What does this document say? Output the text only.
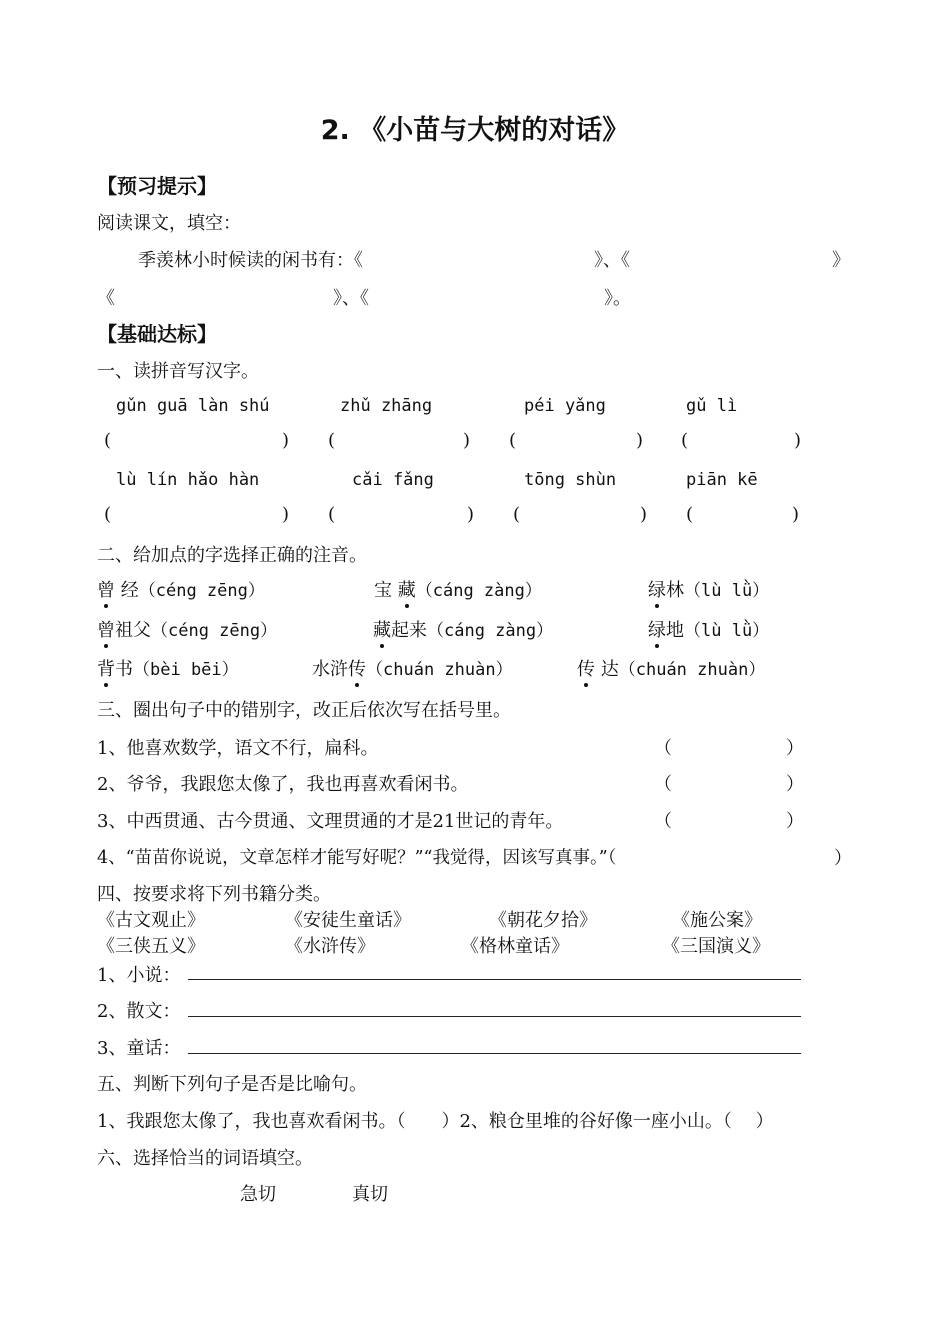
2. 《小苗与大树的对话》
【预习提示】
阅读课文，填空：
季羡林小时候读的闲书有：《	》、《	》
《	》、《	》。
【基础达标】
一、读拼音写汉字。
gǔn guā làn shú	zhǔ zhāng	péi yǎng	gǔ lì
(	) (	) (	) (	)
lù lín hǎo hàn	cǎi fǎng	tōng shùn	piān kē
(	) (	) (	) (	)
二、给加点的字选择正确的注音。
曾 经（céng zēng）	宝 藏（cáng zàng）	绿林（lù lǜ）
曾祖父（céng zēng）	藏起来（cáng zàng）	绿地（lù lǜ）
背书（bèi bēi）	水浒传（chuán zhuàn）	传 达（chuán zhuàn）
三、圈出句子中的错别字，改正后依次写在括号里。
1、他喜欢数学，语文不行，扁科。	（	）
2、爷爷，我跟您太像了，我也再喜欢看闲书。	（	）
3、中西贯通、古今贯通、文理贯通的才是21世记的青年。	（	）
4、“苗苗你说说，文章怎样才能写好呢？”“我觉得，因该写真事。”（	）
四、按要求将下列书籍分类。
《古文观止》	《安徒生童话》	《朝花夕拾》	《施公案》
《三侠五义》	《水浒传》	《格林童话》	《三国演义》
1、小说：
2、散文：
3、童话：
五、判断下列句子是否是比喻句。
1、我跟您太像了，我也喜欢看闲书。（　　）2、粮仓里堆的谷好像一座小山。（　 ）
六、选择恰当的词语填空。
急切	真切
